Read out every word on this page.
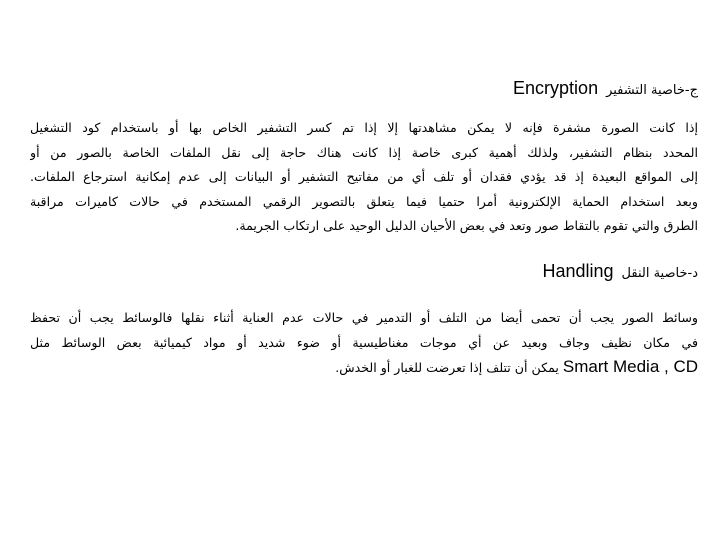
ج-خاصية التشفير
Encryption
إذا كانت الصورة مشفرة فإنه لا يمكن مشاهدتها إلا إذا تم كسر التشفير الخاص بها أو باستخدام كود التشغيل
المحدد بنظام التشفير، ولذلك أهمية كبرى خاصة إذا كانت هناك حاجة إلى نقل الملفات الخاصة بالصور من أو
إلى المواقع البعيدة إذ قد يؤدي فقدان أو تلف أي من مفاتيح التشفير أو البيانات إلى عدم إمكانية استرجاع الملفات.
وبعد استخدام الحماية الإلكترونية أمرا حتميا فيما يتعلق بالتصوير الرقمي المستخدم في حالات كاميرات مراقبة
الطرق والتي تقوم بالتقاط صور وتعد في بعض الأحيان الدليل الوحيد على ارتكاب الجريمة.
د-خاصية النقل
Handling
وسائط الصور يجب أن تحمى أيضا من التلف أو التدمير في حالات عدم العناية أثناء نقلها فالوسائط يجب أن تحفظ
في مكان نظيف وجاف وبعيد عن أي موجات مغناطيسية أو ضوء شديد أو مواد كيميائية بعض الوسائط مثل
Smart Media , CD يمكن أن تتلف إذا تعرضت للغبار أو الخدش.
